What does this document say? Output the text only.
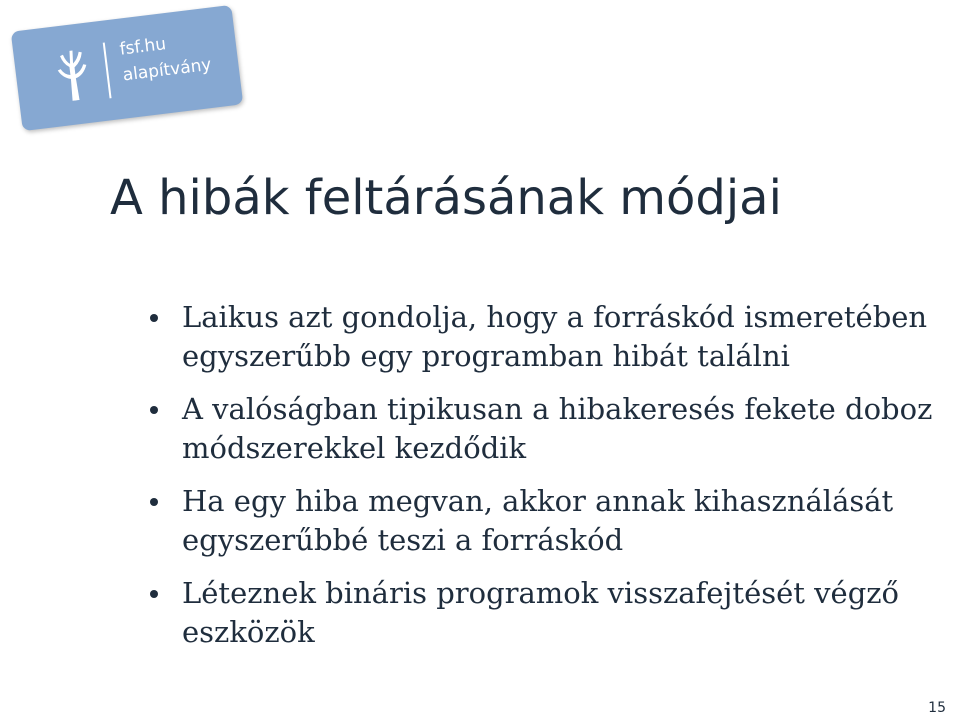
fsf.hu
alapítvány

A hibák feltárásának módjai
Laikus azt gondolja, hogy a forráskód ismeretében egyszerűbb egy programban hibát találni
A valóságban tipikusan a hibakeresés fekete doboz módszerekkel kezdődik
Ha egy hiba megvan, akkor annak kihasználását egyszerűbbé teszi a forráskód
Léteznek bináris programok visszafejtését végző eszközök
15
